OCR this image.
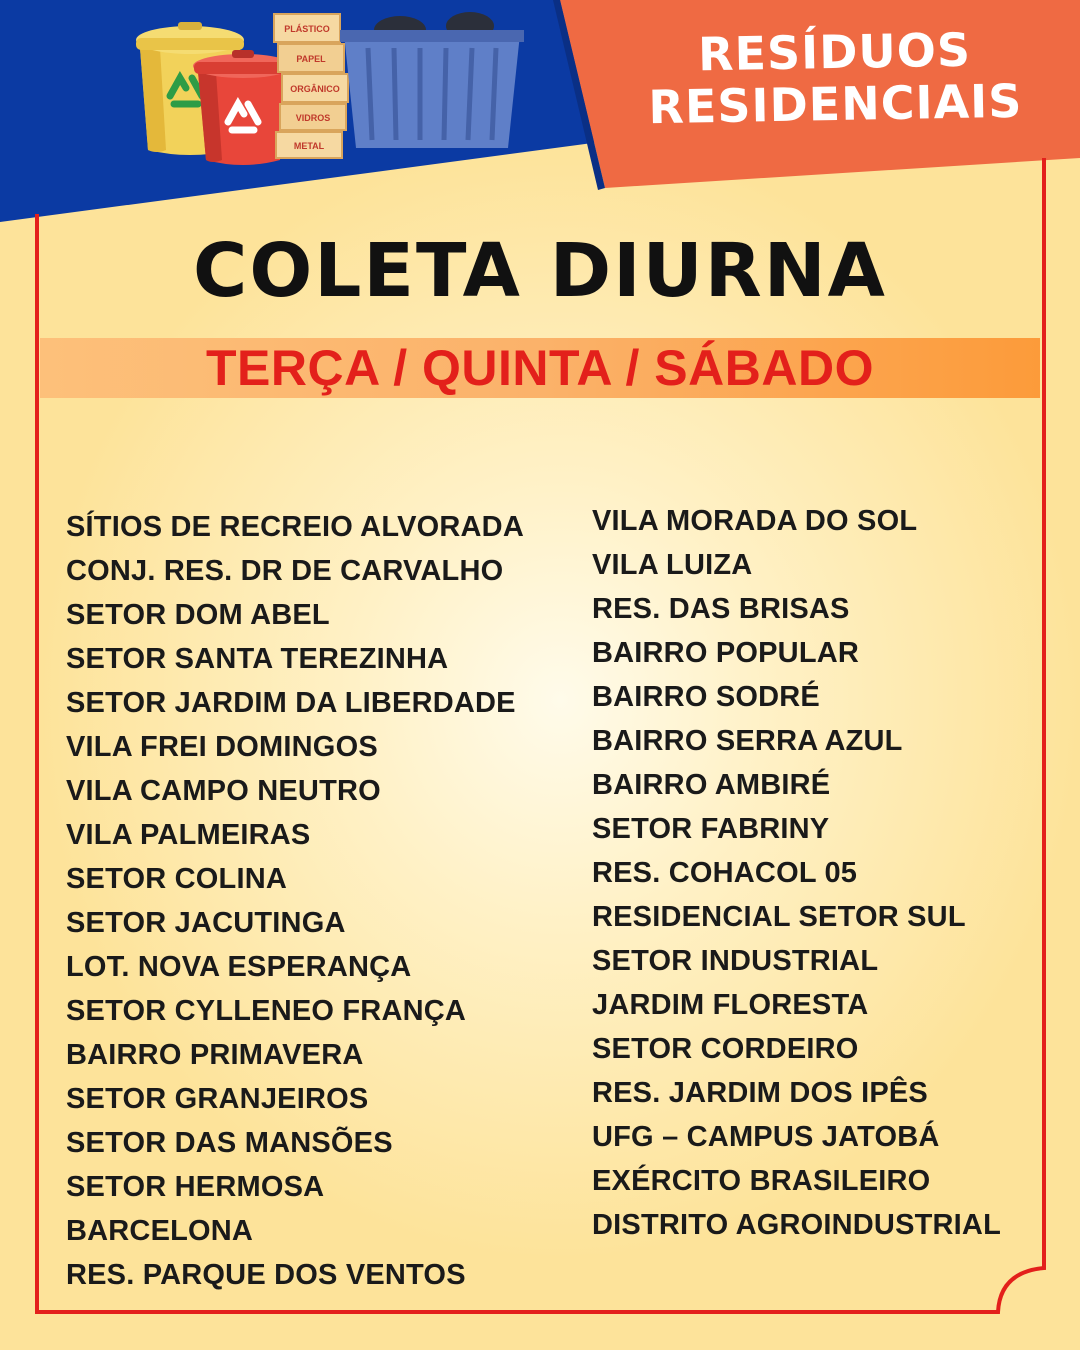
PLÁSTICO
PAPEL
ORGÂNICO
VIDROS
METAL
RESÍDUOS
RESIDENCIAIS
COLETA DIURNA
TERÇA / QUINTA / SÁBADO
SÍTIOS DE RECREIO ALVORADA
CONJ. RES. DR DE CARVALHO
SETOR DOM ABEL
SETOR SANTA TEREZINHA
SETOR JARDIM DA LIBERDADE
VILA FREI DOMINGOS
VILA CAMPO NEUTRO
VILA PALMEIRAS
SETOR COLINA
SETOR JACUTINGA
LOT. NOVA ESPERANÇA
SETOR CYLLENEO FRANÇA
BAIRRO PRIMAVERA
SETOR GRANJEIROS
SETOR DAS MANSÕES
SETOR HERMOSA
BARCELONA
RES. PARQUE DOS VENTOS
VILA MORADA DO SOL
VILA LUIZA
RES. DAS BRISAS
BAIRRO POPULAR
BAIRRO SODRÉ
BAIRRO SERRA AZUL
BAIRRO AMBIRÉ
SETOR FABRINY
RES. COHACOL 05
RESIDENCIAL SETOR SUL
SETOR INDUSTRIAL
JARDIM FLORESTA
SETOR CORDEIRO
RES. JARDIM DOS IPÊS
UFG – CAMPUS JATOBÁ
EXÉRCITO BRASILEIRO
DISTRITO AGROINDUSTRIAL
